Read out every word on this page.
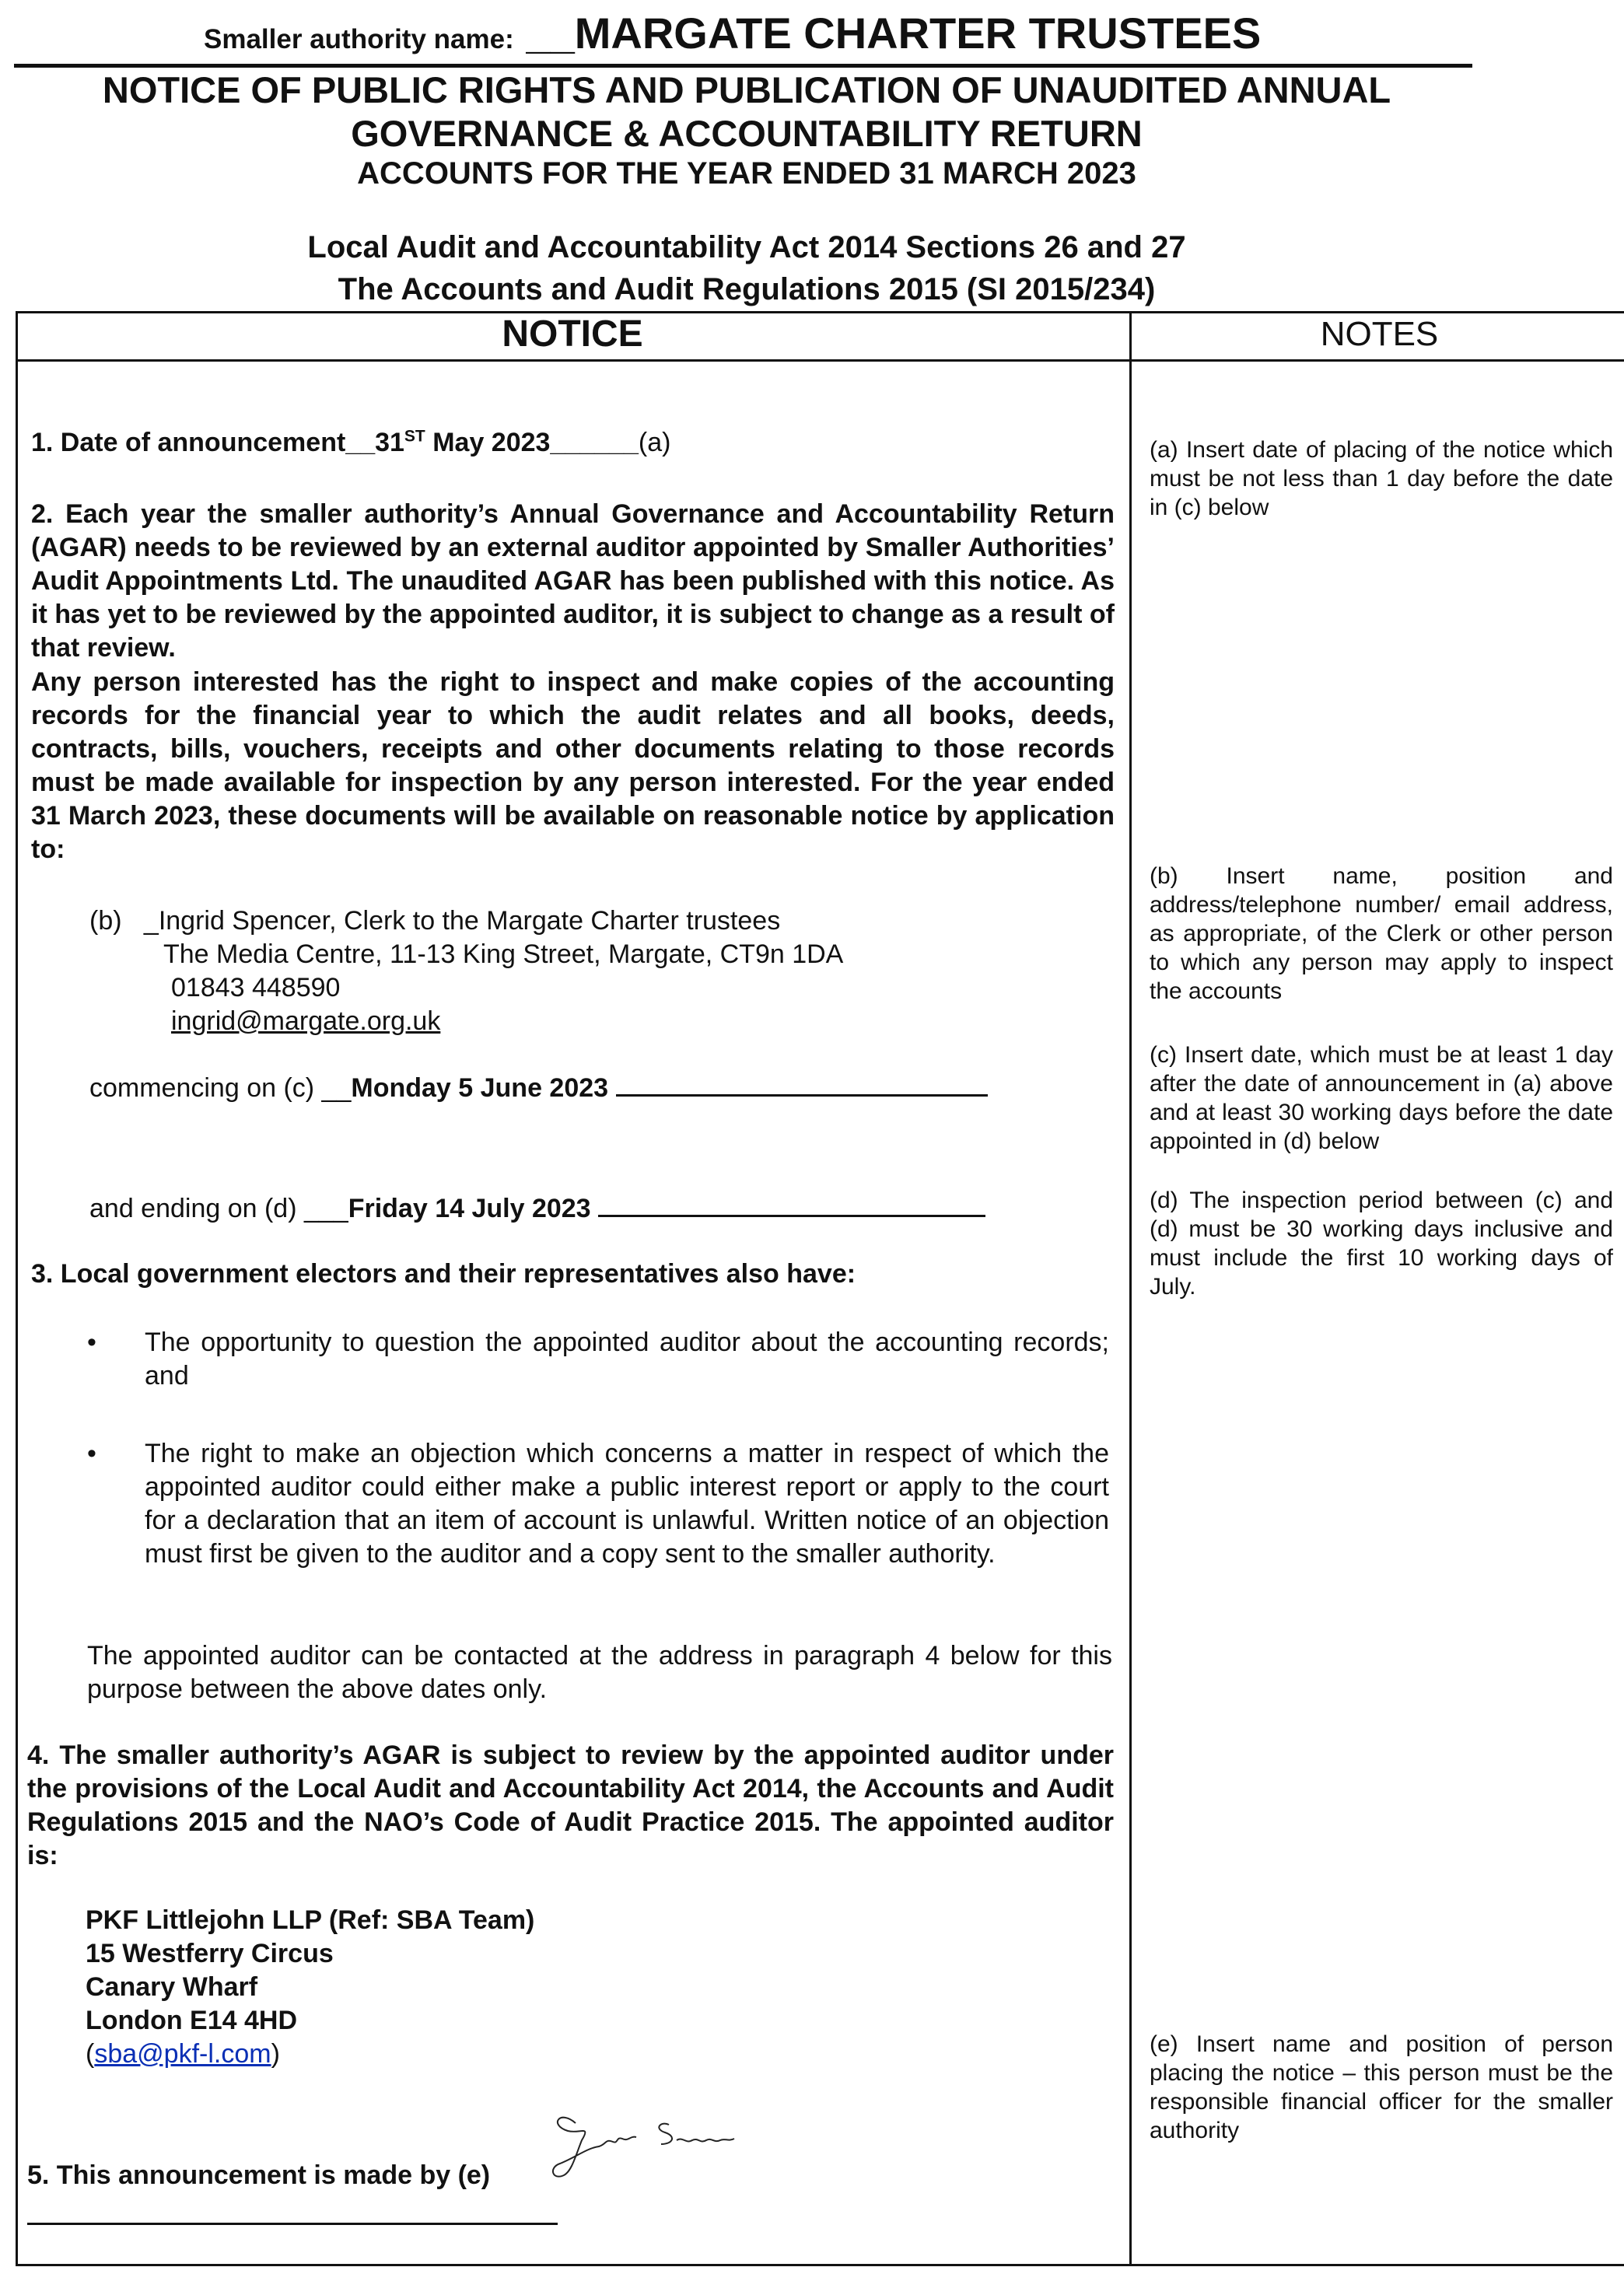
Smaller authority name: __MARGATE CHARTER TRUSTEES
NOTICE OF PUBLIC RIGHTS AND PUBLICATION OF UNAUDITED ANNUAL
GOVERNANCE & ACCOUNTABILITY RETURN
ACCOUNTS FOR THE YEAR ENDED 31 MARCH 2023
Local Audit and Accountability Act 2014 Sections 26 and 27
The Accounts and Audit Regulations 2015 (SI 2015/234)
NOTICE	NOTES
1. Date of announcement__31ST May 2023______(a)
2. Each year the smaller authority’s Annual Governance and Accountability Return (AGAR) needs to be reviewed by an external auditor appointed by Smaller Authorities’ Audit Appointments Ltd. The unaudited AGAR has been published with this notice. As it has yet to be reviewed by the appointed auditor, it is subject to change as a result of that review.
Any person interested has the right to inspect and make copies of the accounting records for the financial year to which the audit relates and all books, deeds, contracts, bills, vouchers, receipts and other documents relating to those records must be made available for inspection by any person interested. For the year ended 31 March 2023, these documents will be available on reasonable notice by application to:
(b) _Ingrid Spencer, Clerk to the Margate Charter trustees
The Media Centre, 11-13 King Street, Margate, CT9n 1DA
01843 448590
ingrid@margate.org.uk
commencing on (c) __Monday 5 June 2023
and ending on (d) ___Friday 14 July 2023
3. Local government electors and their representatives also have:
• The opportunity to question the appointed auditor about the accounting records; and
• The right to make an objection which concerns a matter in respect of which the appointed auditor could either make a public interest report or apply to the court for a declaration that an item of account is unlawful. Written notice of an objection must first be given to the auditor and a copy sent to the smaller authority.
The appointed auditor can be contacted at the address in paragraph 4 below for this purpose between the above dates only.
4. The smaller authority’s AGAR is subject to review by the appointed auditor under the provisions of the Local Audit and Accountability Act 2014, the Accounts and Audit Regulations 2015 and the NAO’s Code of Audit Practice 2015. The appointed auditor is:
PKF Littlejohn LLP (Ref: SBA Team)
15 Westferry Circus
Canary Wharf
London E14 4HD
(sba@pkf-l.com)
5. This announcement is made by (e)
(a) Insert date of placing of the notice which must be not less than 1 day before the date in (c) below
(b) Insert name, position and address/telephone number/ email address, as appropriate, of the Clerk or other person to which any person may apply to inspect the accounts
(c) Insert date, which must be at least 1 day after the date of announcement in (a) above and at least 30 working days before the date appointed in (d) below
(d) The inspection period between (c) and (d) must be 30 working days inclusive and must include the first 10 working days of July.
(e) Insert name and position of person placing the notice – this person must be the responsible financial officer for the smaller authority
